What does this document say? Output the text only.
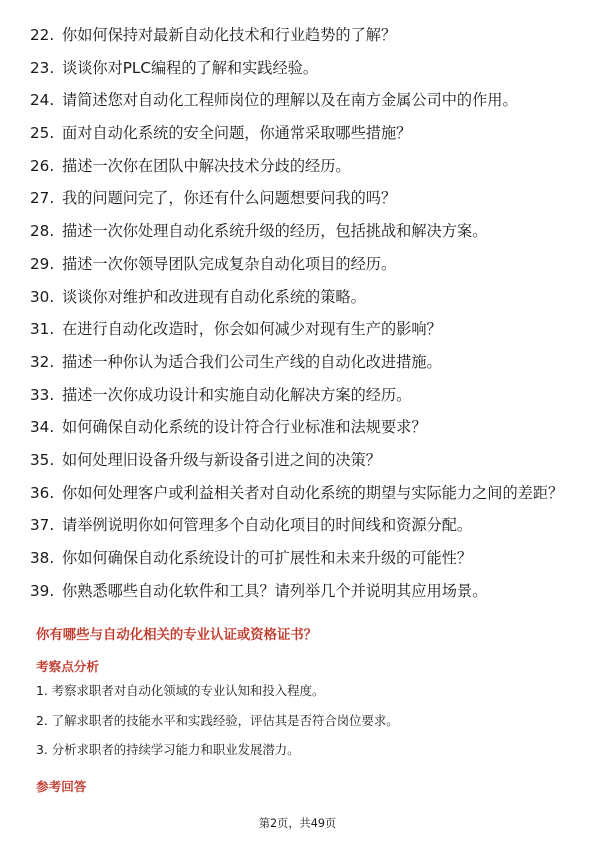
22. 你如何保持对最新自动化技术和行业趋势的了解？
23. 谈谈你对PLC编程的了解和实践经验。
24. 请简述您对自动化工程师岗位的理解以及在南方金属公司中的作用。
25. 面对自动化系统的安全问题，你通常采取哪些措施？
26. 描述一次你在团队中解决技术分歧的经历。
27. 我的问题问完了，你还有什么问题想要问我的吗？
28. 描述一次你处理自动化系统升级的经历，包括挑战和解决方案。
29. 描述一次你领导团队完成复杂自动化项目的经历。
30. 谈谈你对维护和改进现有自动化系统的策略。
31. 在进行自动化改造时，你会如何减少对现有生产的影响？
32. 描述一种你认为适合我们公司生产线的自动化改进措施。
33. 描述一次你成功设计和实施自动化解决方案的经历。
34. 如何确保自动化系统的设计符合行业标准和法规要求？
35. 如何处理旧设备升级与新设备引进之间的决策？
36. 你如何处理客户或利益相关者对自动化系统的期望与实际能力之间的差距？
37. 请举例说明你如何管理多个自动化项目的时间线和资源分配。
38. 你如何确保自动化系统设计的可扩展性和未来升级的可能性？
39. 你熟悉哪些自动化软件和工具？请列举几个并说明其应用场景。
你有哪些与自动化相关的专业认证或资格证书？
考察点分析
1. 考察求职者对自动化领域的专业认知和投入程度。
2. 了解求职者的技能水平和实践经验，评估其是否符合岗位要求。
3. 分析求职者的持续学习能力和职业发展潜力。
参考回答
第2页，共49页
